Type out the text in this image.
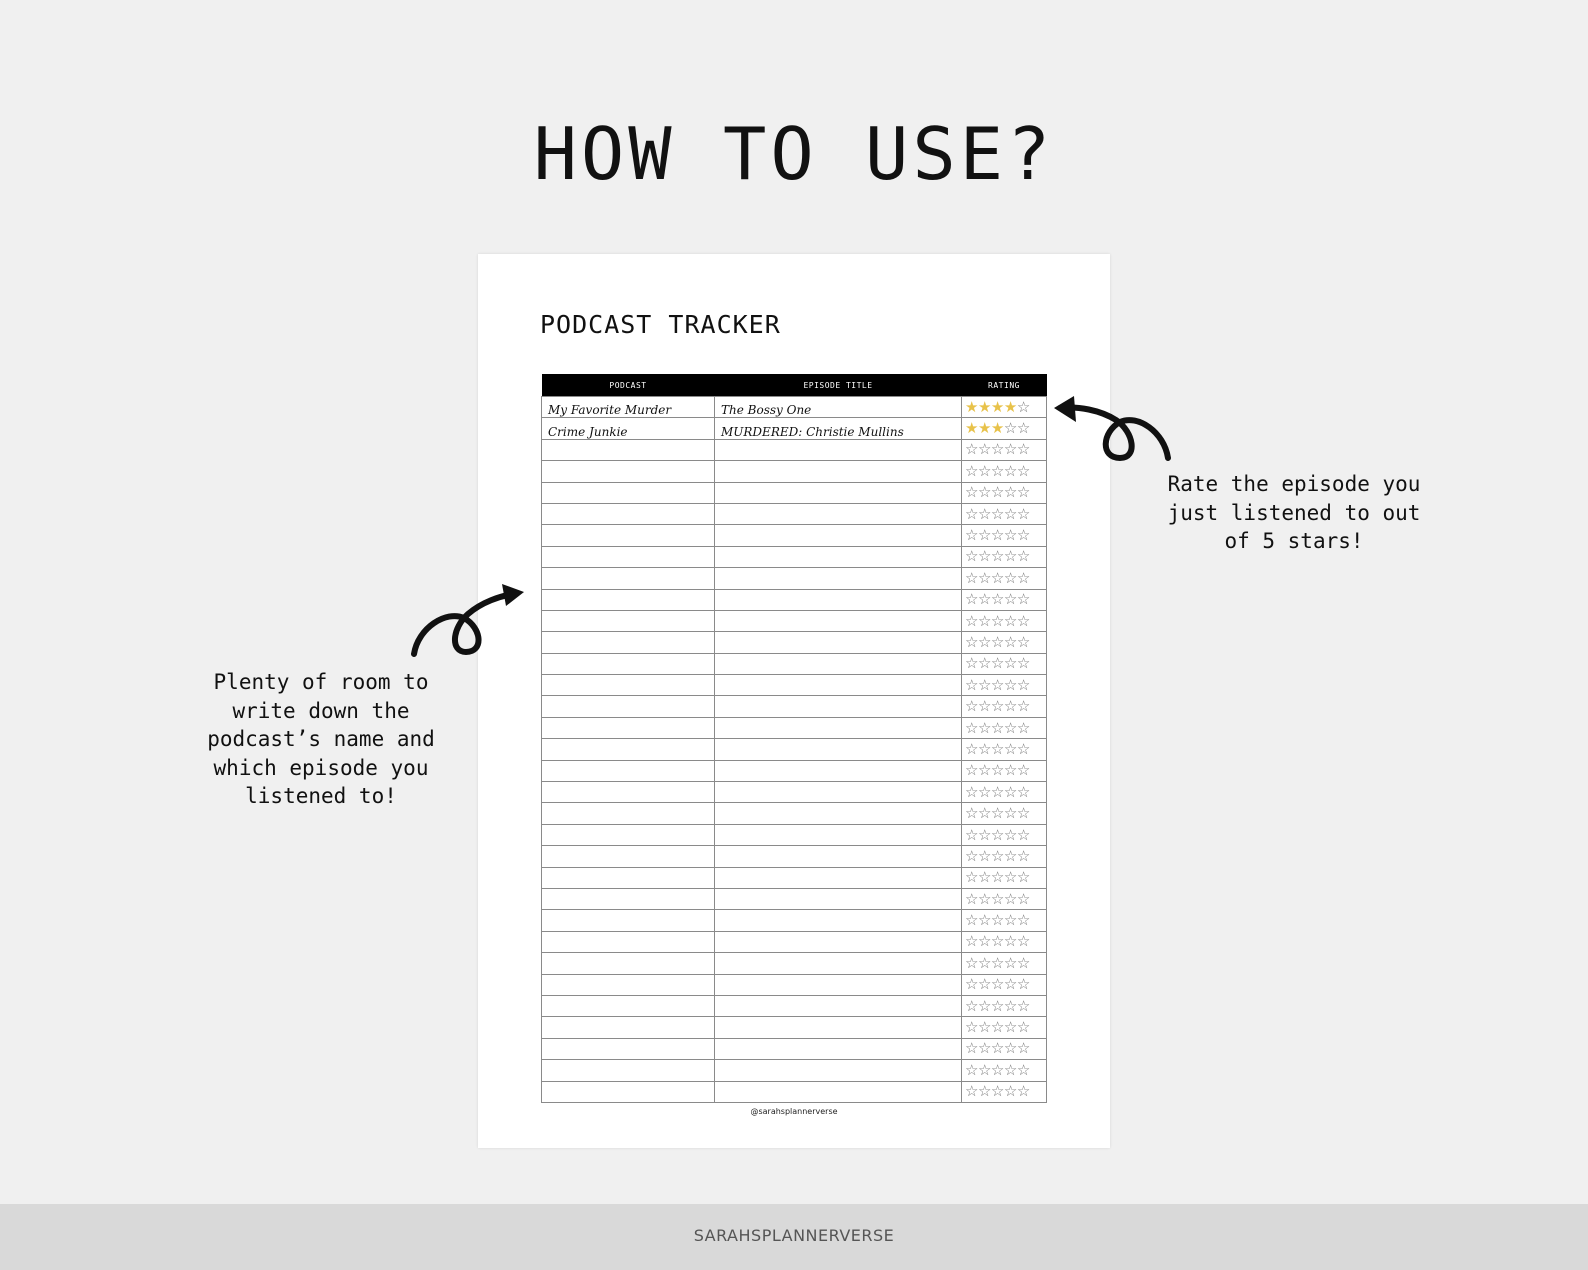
HOW TO USE?
PODCAST TRACKER
PODCAST	EPISODE TITLE	RATING
My Favorite Murder	The Bossy One	★★★★☆
Crime Junkie	MURDERED: Christie Mullins	★★★☆☆
		☆☆☆☆☆
		☆☆☆☆☆
		☆☆☆☆☆
		☆☆☆☆☆
		☆☆☆☆☆
		☆☆☆☆☆
		☆☆☆☆☆
		☆☆☆☆☆
		☆☆☆☆☆
		☆☆☆☆☆
		☆☆☆☆☆
		☆☆☆☆☆
		☆☆☆☆☆
		☆☆☆☆☆
		☆☆☆☆☆
		☆☆☆☆☆
		☆☆☆☆☆
		☆☆☆☆☆
		☆☆☆☆☆
		☆☆☆☆☆
		☆☆☆☆☆
		☆☆☆☆☆
		☆☆☆☆☆
		☆☆☆☆☆
		☆☆☆☆☆
		☆☆☆☆☆
		☆☆☆☆☆
		☆☆☆☆☆
		☆☆☆☆☆
		☆☆☆☆☆
		☆☆☆☆☆
@sarahsplannerverse
Rate the episode you
just listened to out
of 5 stars!
Plenty of room to
write down the
podcast’s name and
which episode you
listened to!
SARAHSPLANNERVERSE
